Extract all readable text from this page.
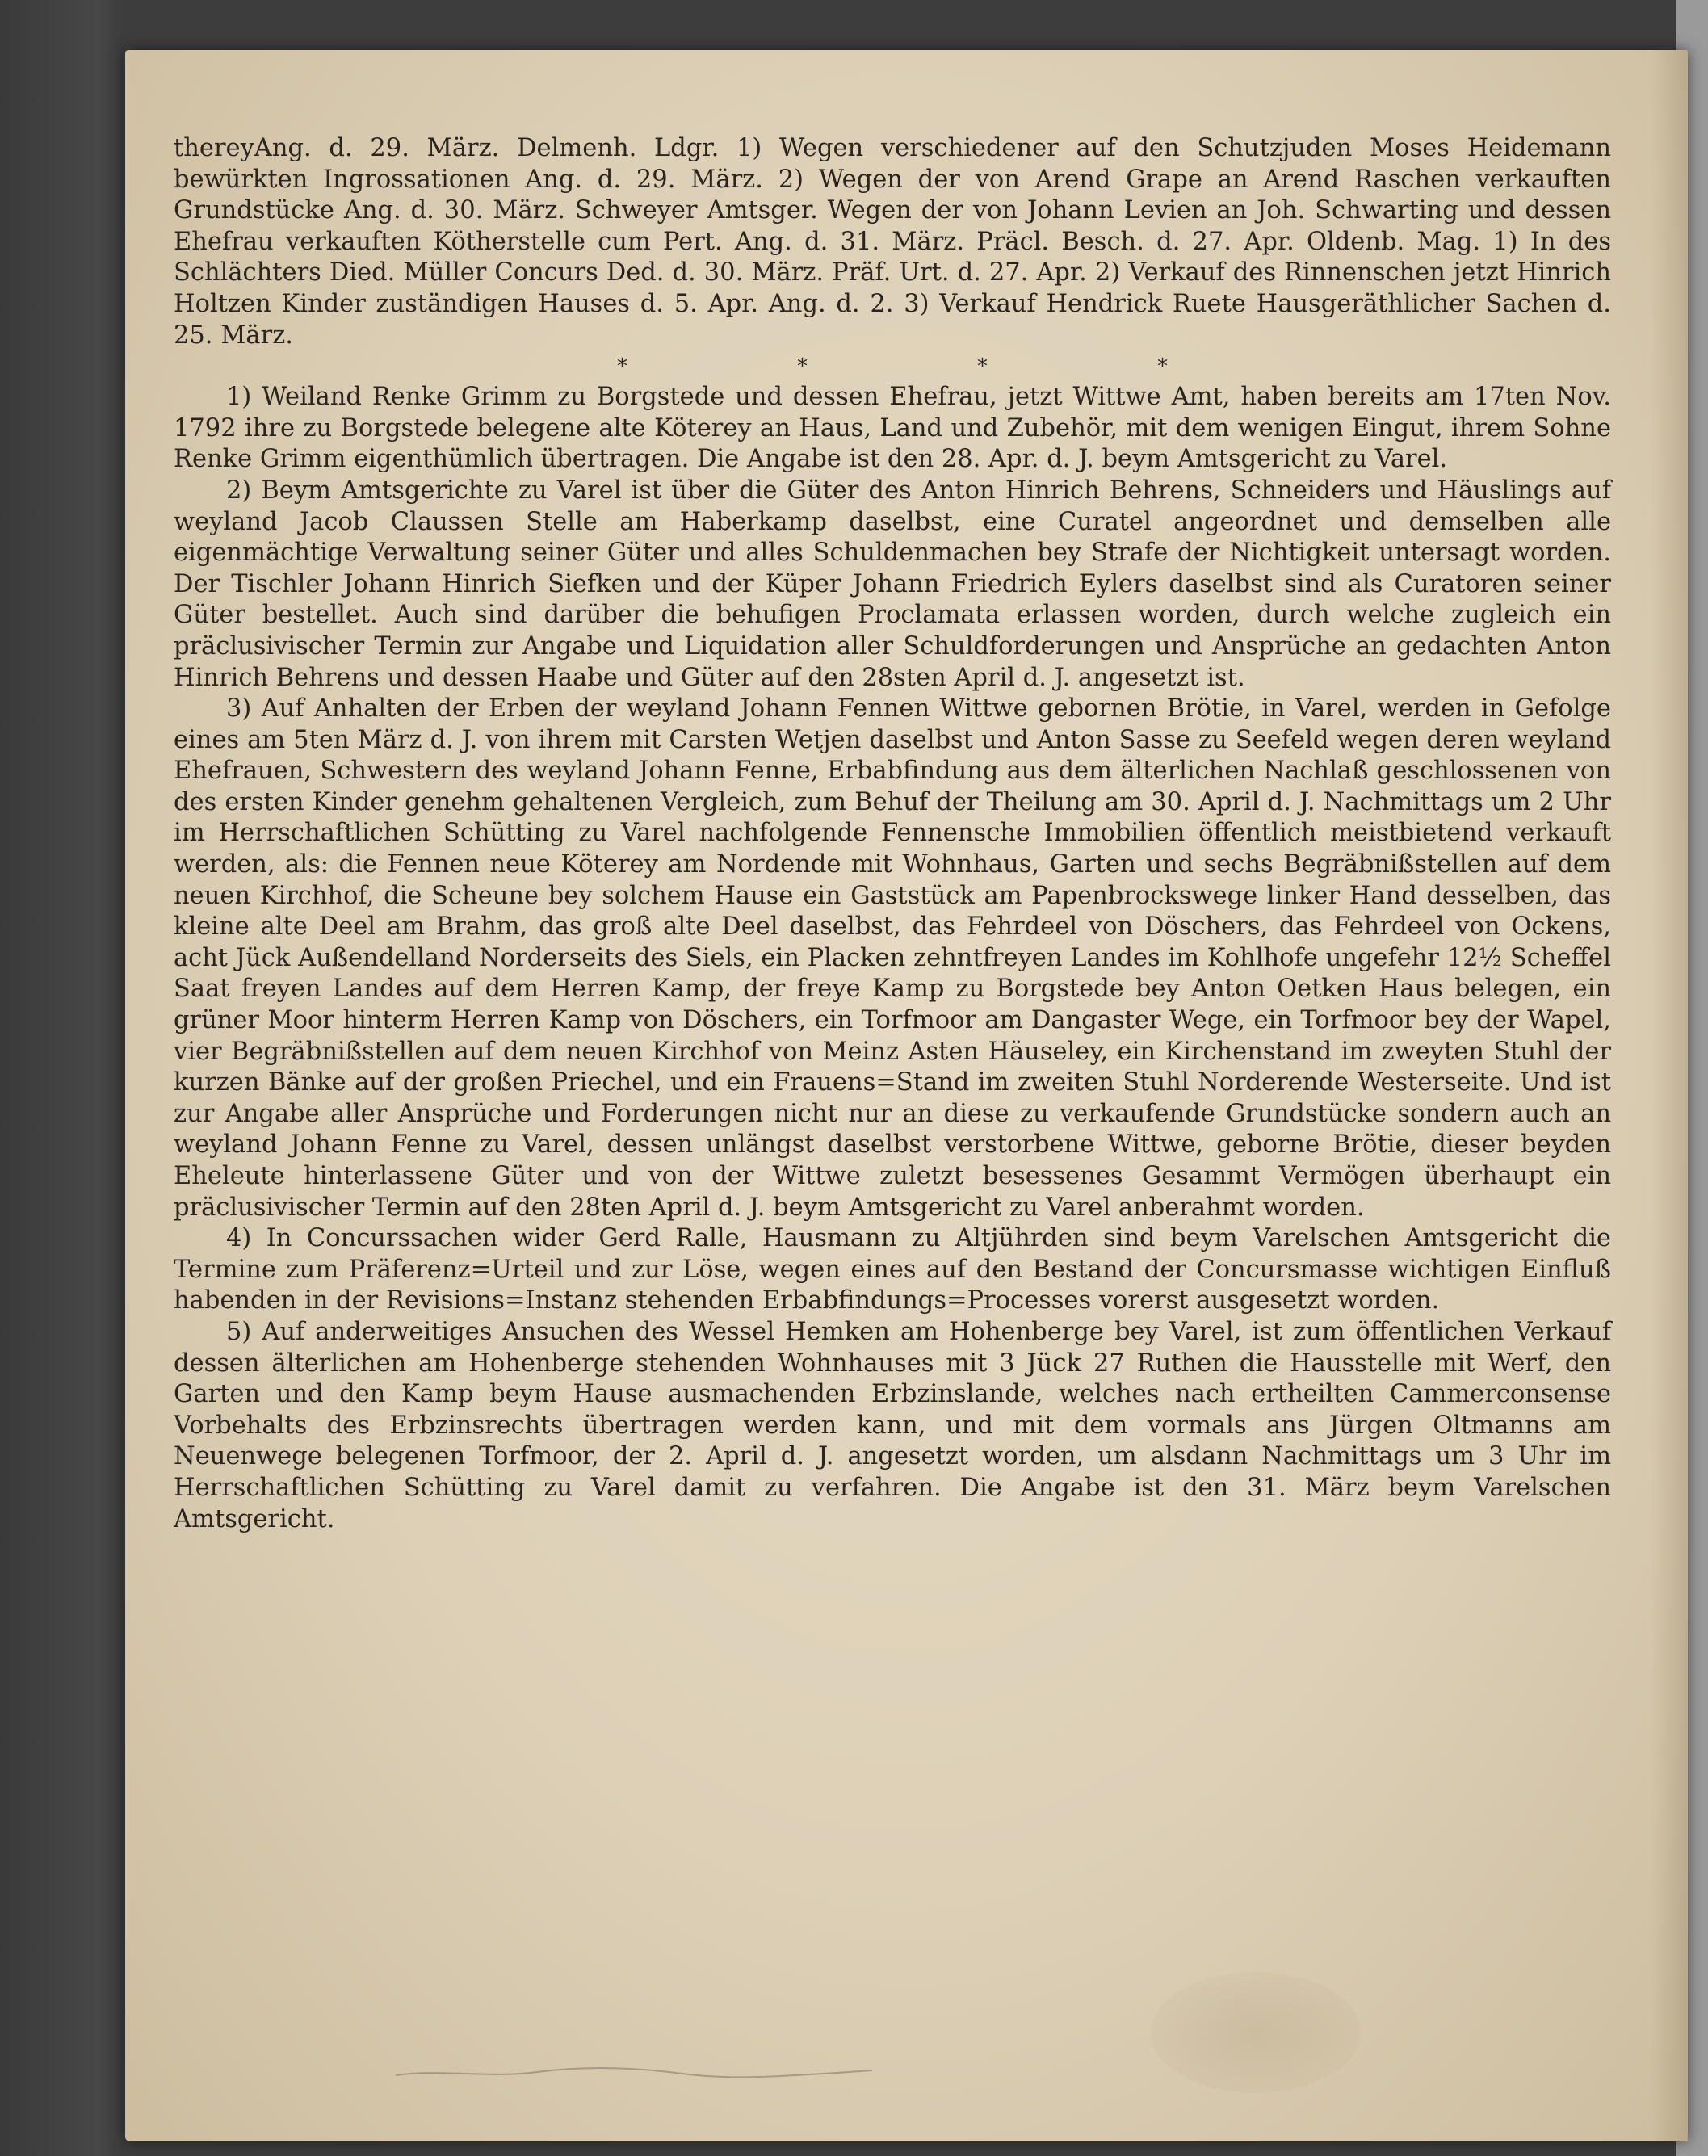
thereyAng. d. 29. März. Delmenh. Ldgr. 1) Wegen verschiedener auf den Schutzjuden Moses Heidemann bewürkten Ingrossationen Ang. d. 29. März. 2) Wegen der von Arend Grape an Arend Raschen verkauften Grundstücke Ang. d. 30. März. Schweyer Amtsger. Wegen der von Johann Levien an Joh. Schwarting und dessen Ehefrau verkauften Kötherstelle cum Pert. Ang. d. 31. März. Präcl. Besch. d. 27. Apr. Oldenb. Mag. 1) In des Schlächters Died. Müller Concurs Ded. d. 30. März. Präf. Urt. d. 27. Apr. 2) Verkauf des Rinnenschen jetzt Hinrich Holtzen Kinder zuständigen Hauses d. 5. Apr. Ang. d. 2. 3) Verkauf Hendrick Ruete Hausgeräthlicher Sachen d. 25. März.

*	*	*	*

1) Weiland Renke Grimm zu Borgstede und dessen Ehefrau, jetzt Wittwe Amt, haben bereits am 17ten Nov. 1792 ihre zu Borgstede belegene alte Köterey an Haus, Land und Zubehör, mit dem wenigen Eingut, ihrem Sohne Renke Grimm eigenthümlich übertragen. Die Angabe ist den 28. Apr. d. J. beym Amtsgericht zu Varel.

2) Beym Amtsgerichte zu Varel ist über die Güter des Anton Hinrich Behrens, Schneiders und Häuslings auf weyland Jacob Claussen Stelle am Haberkamp daselbst, eine Curatel angeordnet und demselben alle eigenmächtige Verwaltung seiner Güter und alles Schuldenmachen bey Strafe der Nichtigkeit untersagt worden. Der Tischler Johann Hinrich Siefken und der Küper Johann Friedrich Eylers daselbst sind als Curatoren seiner Güter bestellet. Auch sind darüber die behufigen Proclamata erlassen worden, durch welche zugleich ein präclusivischer Termin zur Angabe und Liquidation aller Schuldforderungen und Ansprüche an gedachten Anton Hinrich Behrens und dessen Haabe und Güter auf den 28sten April d. J. angesetzt ist.

3) Auf Anhalten der Erben der weyland Johann Fennen Wittwe gebornen Brötie, in Varel, werden in Gefolge eines am 5ten März d. J. von ihrem mit Carsten Wetjen daselbst und Anton Sasse zu Seefeld wegen deren weyland Ehefrauen, Schwestern des weyland Johann Fenne, Erbabfindung aus dem älterlichen Nachlaß geschlossenen von des ersten Kinder genehm gehaltenen Vergleich, zum Behuf der Theilung am 30. April d. J. Nachmittags um 2 Uhr im Herrschaftlichen Schütting zu Varel nachfolgende Fennensche Immobilien öffentlich meistbietend verkauft werden, als: die Fennen neue Köterey am Nordende mit Wohnhaus, Garten und sechs Begräbnißstellen auf dem neuen Kirchhof, die Scheune bey solchem Hause ein Gaststück am Papenbrockswege linker Hand desselben, das kleine alte Deel am Brahm, das groß alte Deel daselbst, das Fehrdeel von Döschers, das Fehrdeel von Ockens, acht Jück Außendelland Norderseits des Siels, ein Placken zehntfreyen Landes im Kohlhofe ungefehr 12½ Scheffel Saat freyen Landes auf dem Herren Kamp, der freye Kamp zu Borgstede bey Anton Oetken Haus belegen, ein grüner Moor hinterm Herren Kamp von Döschers, ein Torfmoor am Dangaster Wege, ein Torfmoor bey der Wapel, vier Begräbnißstellen auf dem neuen Kirchhof von Meinz Asten Häuseley, ein Kirchenstand im zweyten Stuhl der kurzen Bänke auf der großen Priechel, und ein Frauens=Stand im zweiten Stuhl Norderende Westerseite. Und ist zur Angabe aller Ansprüche und Forderungen nicht nur an diese zu verkaufende Grundstücke sondern auch an weyland Johann Fenne zu Varel, dessen unlängst daselbst verstorbene Wittwe, geborne Brötie, dieser beyden Eheleute hinterlassene Güter und von der Wittwe zuletzt besessenes Gesammt Vermögen überhaupt ein präclusivischer Termin auf den 28ten April d. J. beym Amtsgericht zu Varel anberahmt worden.

4) In Concurssachen wider Gerd Ralle, Hausmann zu Altjührden sind beym Varelschen Amtsgericht die Termine zum Präferenz=Urteil und zur Löse, wegen eines auf den Bestand der Concursmasse wichtigen Einfluß habenden in der Revisions=Instanz stehenden Erbabfindungs=Processes vorerst ausgesetzt worden.

5) Auf anderweitiges Ansuchen des Wessel Hemken am Hohenberge bey Varel, ist zum öffentlichen Verkauf dessen älterlichen am Hohenberge stehenden Wohnhauses mit 3 Jück 27 Ruthen die Hausstelle mit Werf, den Garten und den Kamp beym Hause ausmachenden Erbzinslande, welches nach ertheilten Cammerconsense Vorbehalts des Erbzinsrechts übertragen werden kann, und mit dem vormals ans Jürgen Oltmanns am Neuenwege belegenen Torfmoor, der 2. April d. J. angesetzt worden, um alsdann Nachmittags um 3 Uhr im Herrschaftlichen Schütting zu Varel damit zu verfahren. Die Angabe ist den 31. März beym Varelschen Amtsgericht.
